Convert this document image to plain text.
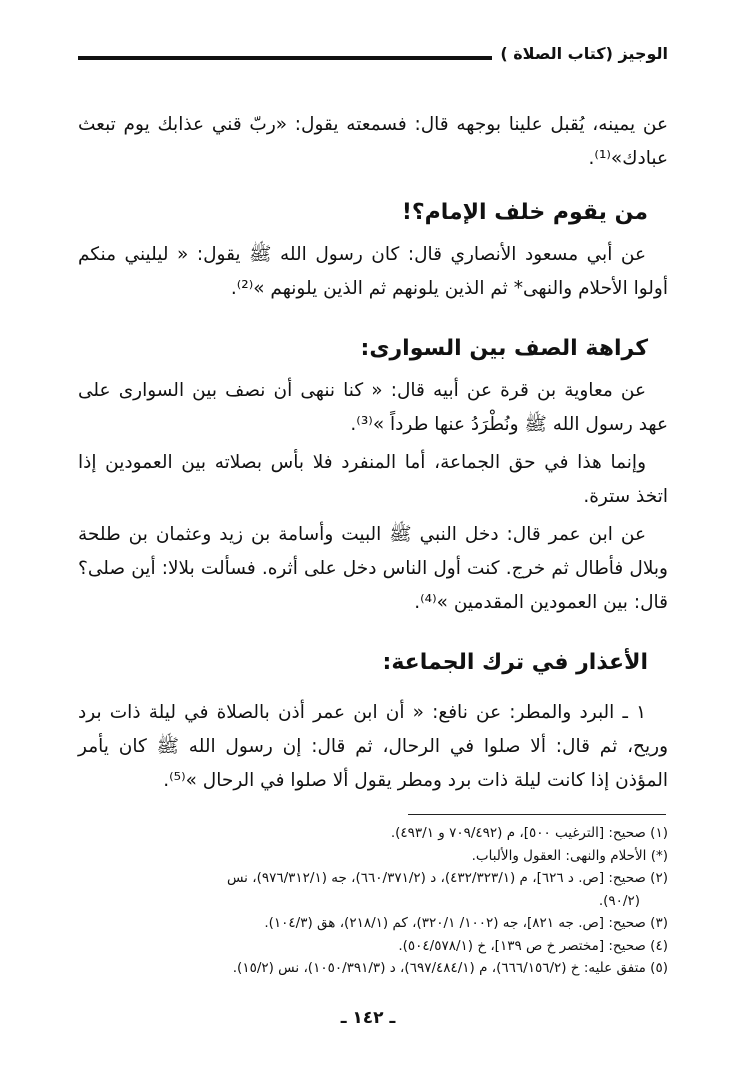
الوجيز (كتاب الصلاة )
عن يمينه، يُقبل علينا بوجهه قال: فسمعته يقول: «ربّ قني عذابك يوم تبعث عبادك»⁽¹⁾.
من يقوم خلف الإمام؟!
عن أبي مسعود الأنصاري قال: كان رسول الله ﷺ يقول: « ليليني منكم أولوا الأحلام والنهى* ثم الذين يلونهم ثم الذين يلونهم »⁽²⁾.
كراهة الصف بين السوارى:
عن معاوية بن قرة عن أبيه قال: « كنا ننهى أن نصف بين السوارى على عهد رسول الله ﷺ ونُطْرَدُ عنها طرداً »⁽³⁾.
وإنما هذا في حق الجماعة، أما المنفرد فلا بأس بصلاته بين العمودين إذا اتخذ سترة.
عن ابن عمر قال: دخل النبي ﷺ البيت وأسامة بن زيد وعثمان بن طلحة وبلال فأطال ثم خرج. كنت أول الناس دخل على أثره. فسألت بلالا: أين صلى؟ قال: بين العمودين المقدمين »⁽⁴⁾.
الأعذار في ترك الجماعة:
١ ـ البرد والمطر: عن نافع: « أن ابن عمر أذن بالصلاة في ليلة ذات برد وريح، ثم قال: ألا صلوا في الرحال، ثم قال: إن رسول الله ﷺ كان يأمر المؤذن إذا كانت ليلة ذات برد ومطر يقول ألا صلوا في الرحال »⁽⁵⁾.

(١) صحيح: [الترغيب ٥٠٠]، م (٧٠٩/٤٩٢ و ٤٩٣/١).

(*) الأحلام والنهى: العقول والألباب.

(٢) صحيح: [ص. د ٦٢٦]، م (٤٣٢/٣٢٣/١)، د (٦٦٠/٣٧١/٢)، جه (٩٧٦/٣١٢/١)، نس
(٩٠/٢).

(٣) صحيح: [ص. جه ٨٢١]، جه (١٠٠٢/ ٣٢٠/١)، كم (٢١٨/١)، هق (١٠٤/٣).

(٤) صحيح: [مختصر خ ص ١٣٩]، خ (٥٠٤/٥٧٨/١).

(٥) متفق عليه: خ (٦٦٦/١٥٦/٢)، م (٦٩٧/٤٨٤/١)، د (١٠٥٠/٣٩١/٣)، نس (١٥/٢).

ـ ١٤٢ ـ
